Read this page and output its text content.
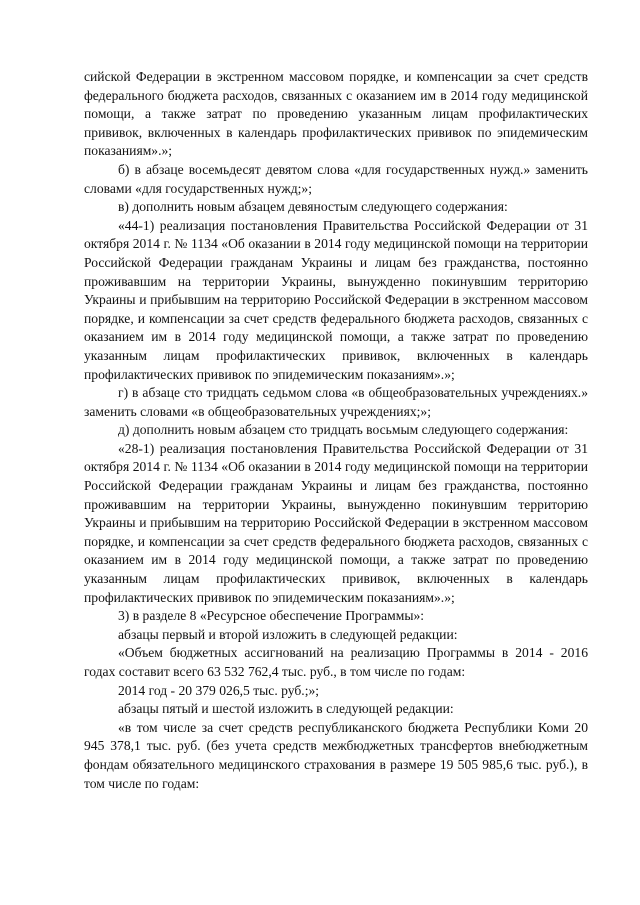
сийской Федерации в экстренном массовом порядке, и компенсации за счет средств федерального бюджета расходов, связанных с оказанием им в 2014 году медицинской помощи, а также затрат по проведению указанным лицам профилактических прививок, включенных в календарь профилактических прививок по эпидемическим показаниям».»;

б) в абзаце восемьдесят девятом слова «для государственных нужд.» заменить словами «для государственных нужд;»;

в) дополнить новым абзацем девяностым следующего содержания:

«44-1) реализация постановления Правительства Российской Федерации от 31 октября 2014 г. № 1134 «Об оказании в 2014 году медицинской помощи на территории Российской Федерации гражданам Украины и лицам без гражданства, постоянно проживавшим на территории Украины, вынужденно покинувшим территорию Украины и прибывшим на территорию Российской Федерации в экстренном массовом порядке, и компенсации за счет средств федерального бюджета расходов, связанных с оказанием им в 2014 году медицинской помощи, а также затрат по проведению указанным лицам профилактических прививок, включенных в календарь профилактических прививок по эпидемическим показаниям».»;

г) в абзаце сто тридцать седьмом слова «в общеобразовательных учреждениях.» заменить словами «в общеобразовательных учреждениях;»;

д) дополнить новым абзацем сто тридцать восьмым следующего содержания:

«28-1) реализация постановления Правительства Российской Федерации от 31 октября 2014 г. № 1134 «Об оказании в 2014 году медицинской помощи на территории Российской Федерации гражданам Украины и лицам без гражданства, постоянно проживавшим на территории Украины, вынужденно покинувшим территорию Украины и прибывшим на территорию Российской Федерации в экстренном массовом порядке, и компенсации за счет средств федерального бюджета расходов, связанных с оказанием им в 2014 году медицинской помощи, а также затрат по проведению указанным лицам профилактических прививок, включенных в календарь профилактических прививок по эпидемическим показаниям».»;

3) в разделе 8 «Ресурсное обеспечение Программы»:

абзацы первый и второй изложить в следующей редакции:

«Объем бюджетных ассигнований на реализацию Программы в 2014 - 2016 годах составит всего 63 532 762,4 тыс. руб., в том числе по годам:

2014 год - 20 379 026,5 тыс. руб.;»;

абзацы пятый и шестой изложить в следующей редакции:

«в том числе за счет средств республиканского бюджета Республики Коми 20 945 378,1 тыс. руб. (без учета средств межбюджетных трансфертов внебюджетным фондам обязательного медицинского страхования в размере 19 505 985,6 тыс. руб.), в том числе по годам:
